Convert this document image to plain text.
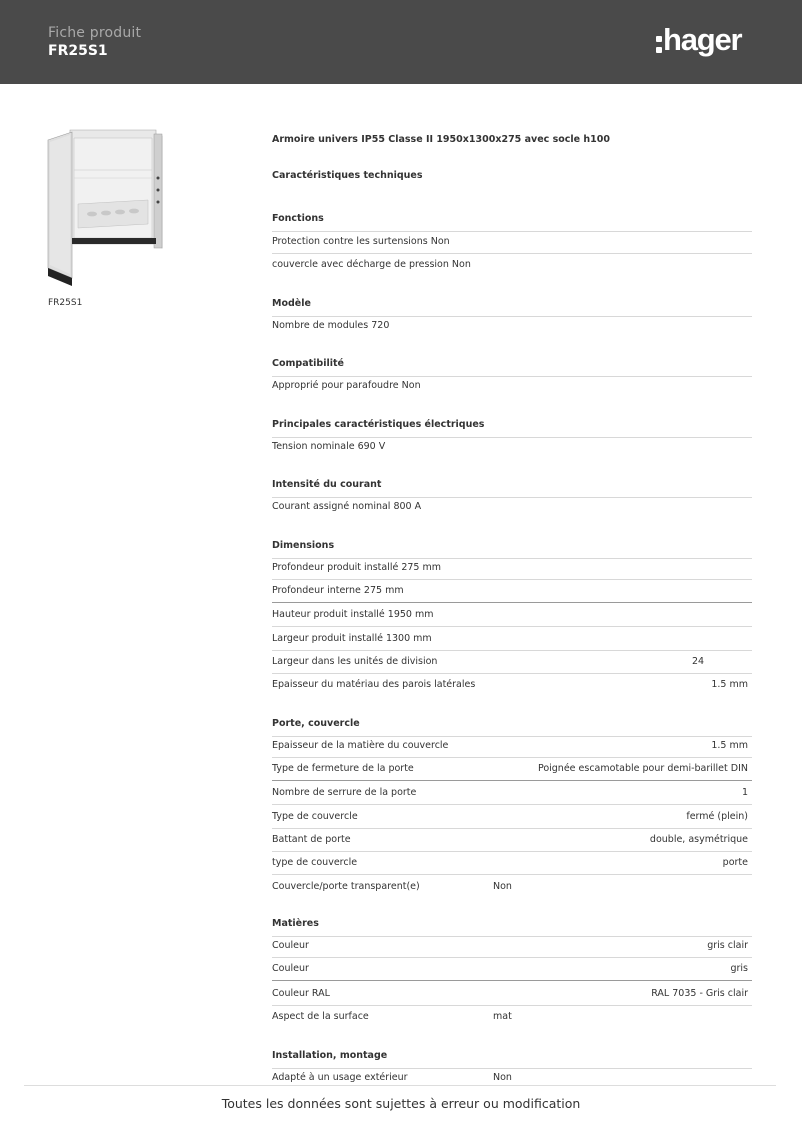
Fiche produit
FR25S1	hager
FR25S1
Armoire univers IP55 Classe II 1950x1300x275 avec socle h100
Caractéristiques techniques
Fonctions
Protection contre les surtensions Non
couvercle avec décharge de pression Non
Modèle
Nombre de modules 720
Compatibilité
Approprié pour parafoudre Non
Principales caractéristiques électriques
Tension nominale 690 V
Intensité du courant
Courant assigné nominal 800 A
Dimensions
Profondeur produit installé 275 mm
Profondeur interne 275 mm
Hauteur produit installé 1950 mm
Largeur produit installé 1300 mm
Largeur dans les unités de division	24
Epaisseur du matériau des parois latérales	1.5 mm
Porte, couvercle
Epaisseur de la matière du couvercle	1.5 mm
Type de fermeture de la porte	Poignée escamotable pour demi-barillet DIN
Nombre de serrure de la porte	1
Type de couvercle	fermé (plein)
Battant de porte	double, asymétrique
type de couvercle	porte
Couvercle/porte transparent(e)	Non
Matières
Couleur	gris clair
Couleur	gris
Couleur RAL	RAL 7035 - Gris clair
Aspect de la surface	mat
Installation, montage
Adapté à un usage extérieur	Non
Toutes les données sont sujettes à erreur ou modification
